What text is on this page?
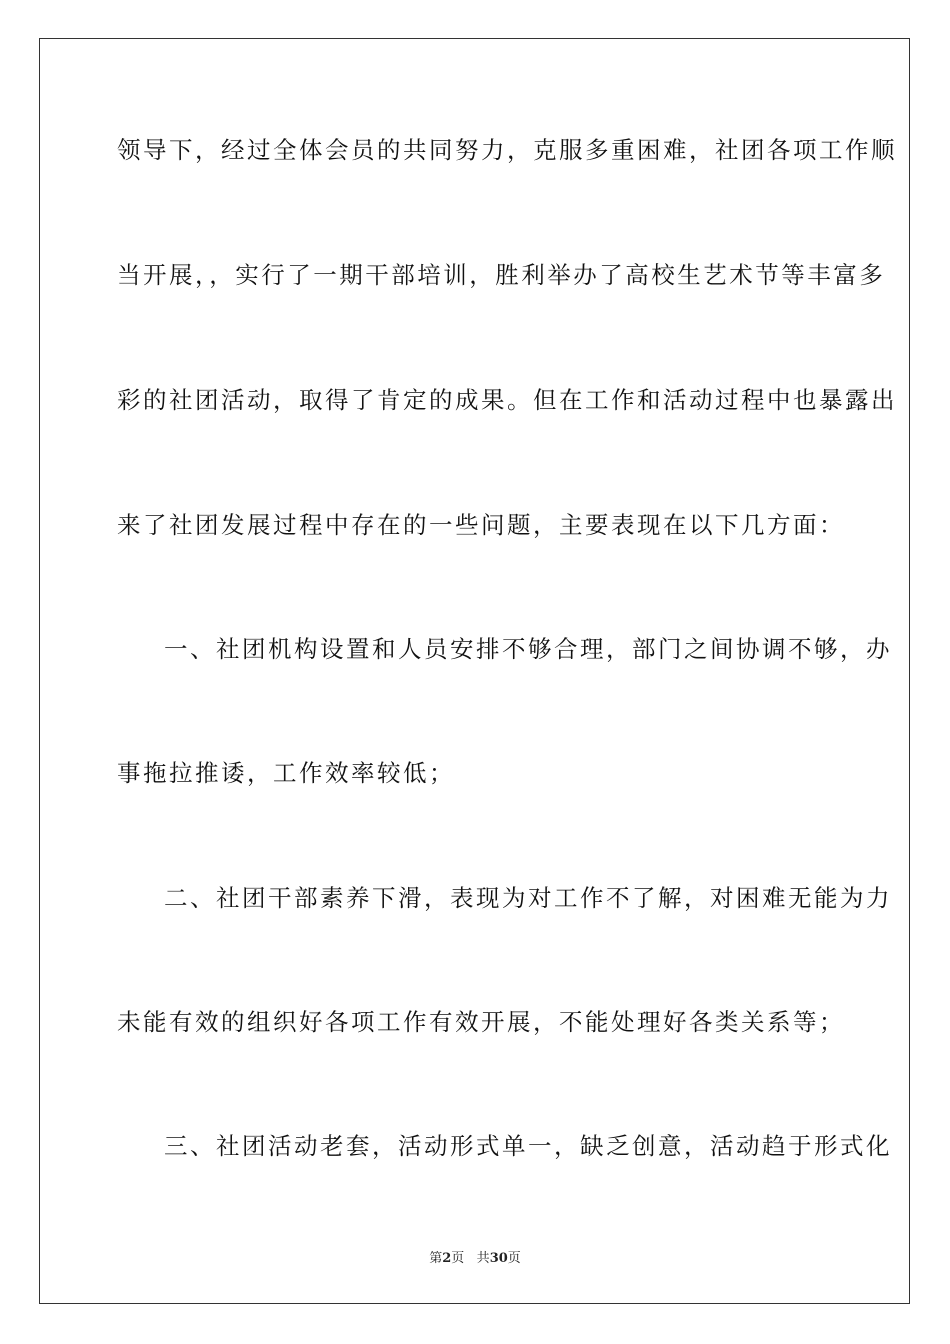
领导下，经过全体会员的共同努力，克服多重困难，社团各项工作顺
当开展，，实行了一期干部培训，胜利举办了高校生艺术节等丰富多
彩的社团活动，取得了肯定的成果。但在工作和活动过程中也暴露出
来了社团发展过程中存在的一些问题，主要表现在以下几方面：
一、社团机构设置和人员安排不够合理，部门之间协调不够，办
事拖拉推诿，工作效率较低；
二、社团干部素养下滑，表现为对工作不了解，对困难无能为力
未能有效的组织好各项工作有效开展，不能处理好各类关系等；
三、社团活动老套，活动形式单一，缺乏创意，活动趋于形式化
第2页 共30页
